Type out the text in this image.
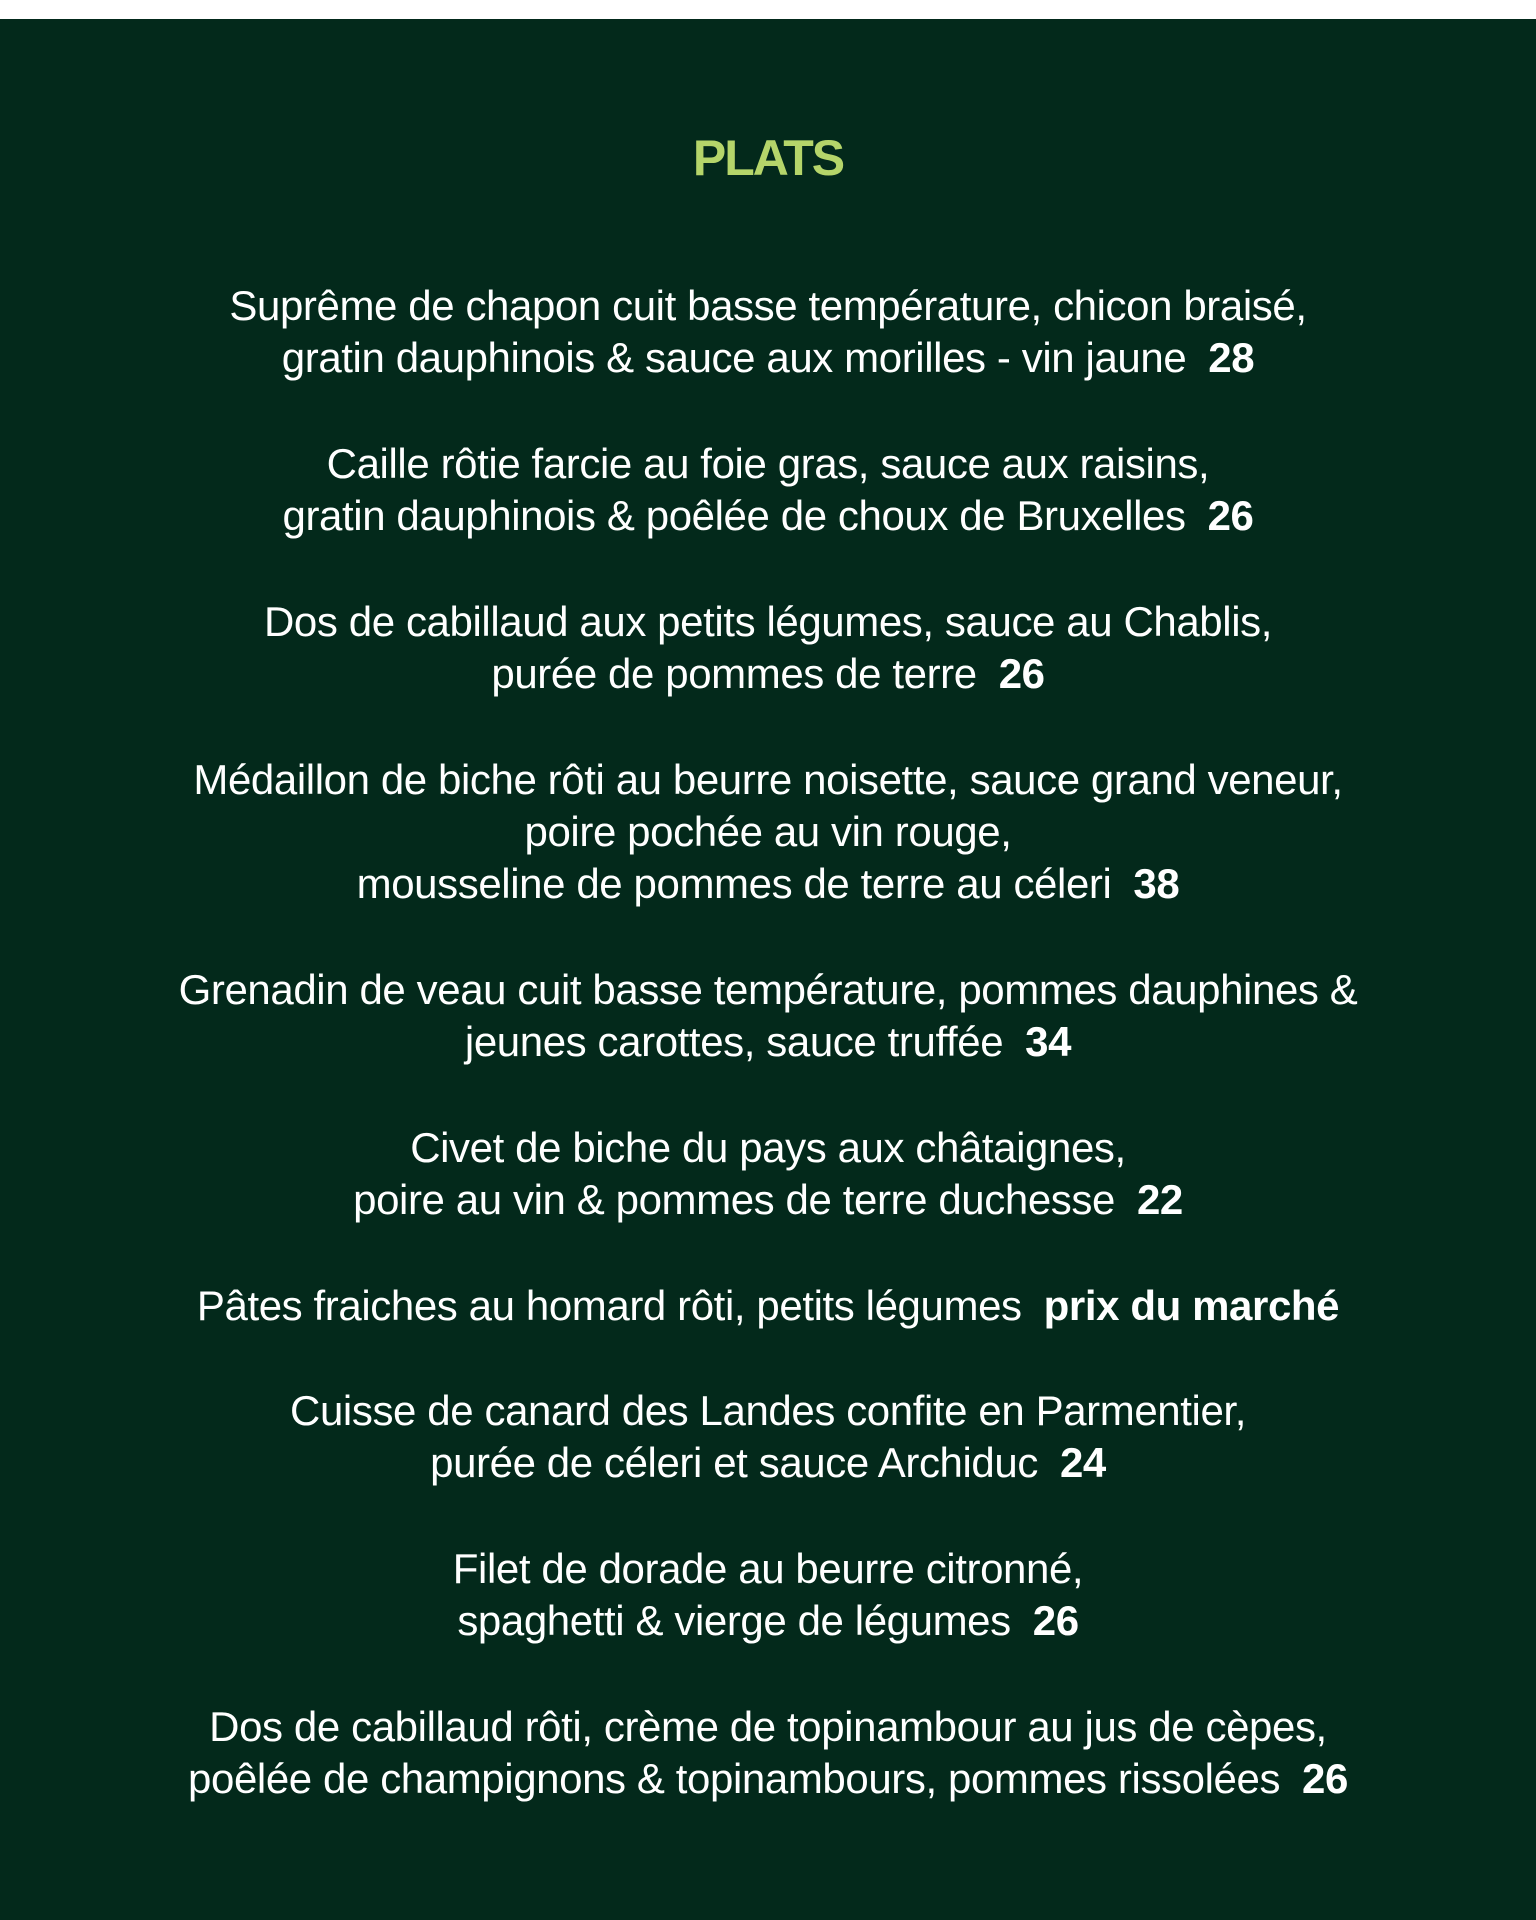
PLATS
Suprême de chapon cuit basse température, chicon braisé,
gratin dauphinois & sauce aux morilles - vin jaune 28
Caille rôtie farcie au foie gras, sauce aux raisins,
gratin dauphinois & poêlée de choux de Bruxelles 26
Dos de cabillaud aux petits légumes, sauce au Chablis,
purée de pommes de terre 26
Médaillon de biche rôti au beurre noisette, sauce grand veneur,
poire pochée au vin rouge,
mousseline de pommes de terre au céleri 38
Grenadin de veau cuit basse température, pommes dauphines &
jeunes carottes, sauce truffée 34
Civet de biche du pays aux châtaignes,
poire au vin & pommes de terre duchesse 22
Pâtes fraiches au homard rôti, petits légumes prix du marché
Cuisse de canard des Landes confite en Parmentier,
purée de céleri et sauce Archiduc 24
Filet de dorade au beurre citronné,
spaghetti & vierge de légumes 26
Dos de cabillaud rôti, crème de topinambour au jus de cèpes,
poêlée de champignons & topinambours, pommes rissolées 26
